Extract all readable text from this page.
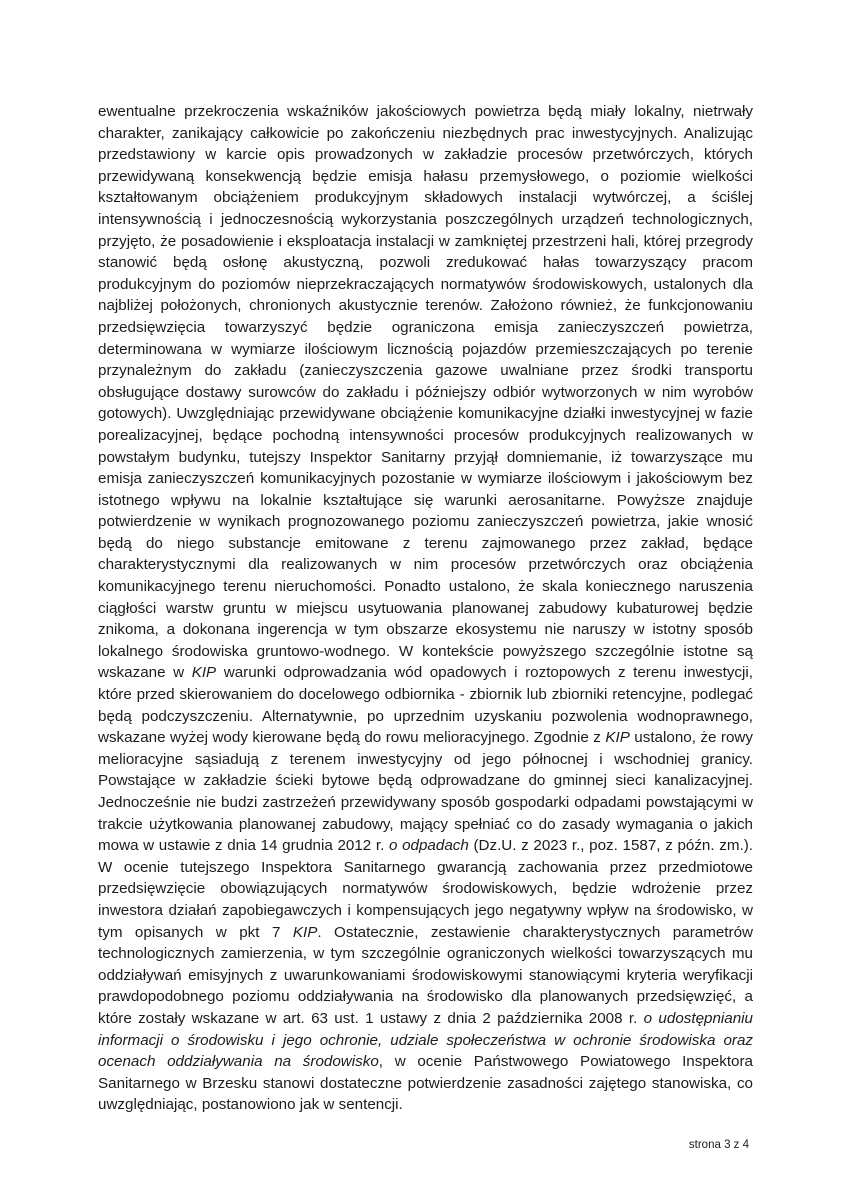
ewentualne przekroczenia wskaźników jakościowych powietrza będą miały lokalny, nietrwały charakter, zanikający całkowicie po zakończeniu niezbędnych prac inwestycyjnych. Analizując przedstawiony w karcie opis prowadzonych w zakładzie procesów przetwórczych, których przewidywaną konsekwencją będzie emisja hałasu przemysłowego, o poziomie wielkości kształtowanym obciążeniem produkcyjnym składowych instalacji wytwórczej, a ściślej intensywnością i jednoczesnością wykorzystania poszczególnych urządzeń technologicznych, przyjęto, że posadowienie i eksploatacja instalacji w zamkniętej przestrzeni hali, której przegrody stanowić będą osłonę akustyczną, pozwoli zredukować hałas towarzyszący pracom produkcyjnym do poziomów nieprzekraczających normatywów środowiskowych, ustalonych dla najbliżej położonych, chronionych akustycznie terenów. Założono również, że funkcjonowaniu przedsięwzięcia towarzyszyć będzie ograniczona emisja zanieczyszczeń powietrza, determinowana w wymiarze ilościowym licznością pojazdów przemieszczających po terenie przynależnym do zakładu (zanieczyszczenia gazowe uwalniane przez środki transportu obsługujące dostawy surowców do zakładu i późniejszy odbiór wytworzonych w nim wyrobów gotowych). Uwzględniając przewidywane obciążenie komunikacyjne działki inwestycyjnej w fazie porealizacyjnej, będące pochodną intensywności procesów produkcyjnych realizowanych w powstałym budynku, tutejszy Inspektor Sanitarny przyjął domniemanie, iż towarzyszące mu emisja zanieczyszczeń komunikacyjnych pozostanie w wymiarze ilościowym i jakościowym bez istotnego wpływu na lokalnie kształtujące się warunki aerosanitarne. Powyższe znajduje potwierdzenie w wynikach prognozowanego poziomu zanieczyszczeń powietrza, jakie wnosić będą do niego substancje emitowane z terenu zajmowanego przez zakład, będące charakterystycznymi dla realizowanych w nim procesów przetwórczych oraz obciążenia komunikacyjnego terenu nieruchomości. Ponadto ustalono, że skala koniecznego naruszenia ciągłości warstw gruntu w miejscu usytuowania planowanej zabudowy kubaturowej będzie znikoma, a dokonana ingerencja w tym obszarze ekosystemu nie naruszy w istotny sposób lokalnego środowiska gruntowo-wodnego. W kontekście powyższego szczególnie istotne są wskazane w KIP warunki odprowadzania wód opadowych i roztopowych z terenu inwestycji, które przed skierowaniem do docelowego odbiornika - zbiornik lub zbiorniki retencyjne, podlegać będą podczyszczeniu. Alternatywnie, po uprzednim uzyskaniu pozwolenia wodnoprawnego, wskazane wyżej wody kierowane będą do rowu melioracyjnego. Zgodnie z KIP ustalono, że rowy melioracyjne sąsiadują z terenem inwestycyjny od jego północnej i wschodniej granicy. Powstające w zakładzie ścieki bytowe będą odprowadzane do gminnej sieci kanalizacyjnej. Jednocześnie nie budzi zastrzeżeń przewidywany sposób gospodarki odpadami powstającymi w trakcie użytkowania planowanej zabudowy, mający spełniać co do zasady wymagania o jakich mowa w ustawie z dnia 14 grudnia 2012 r. o odpadach (Dz.U. z 2023 r., poz. 1587, z późn. zm.). W ocenie tutejszego Inspektora Sanitarnego gwarancją zachowania przez przedmiotowe przedsięwzięcie obowiązujących normatywów środowiskowych, będzie wdrożenie przez inwestora działań zapobiegawczych i kompensujących jego negatywny wpływ na środowisko, w tym opisanych w pkt 7 KIP. Ostatecznie, zestawienie charakterystycznych parametrów technologicznych zamierzenia, w tym szczególnie ograniczonych wielkości towarzyszących mu oddziaływań emisyjnych z uwarunkowaniami środowiskowymi stanowiącymi kryteria weryfikacji prawdopodobnego poziomu oddziaływania na środowisko dla planowanych przedsięwzięć, a które zostały wskazane w art. 63 ust. 1 ustawy z dnia 2 października 2008 r. o udostępnianiu informacji o środowisku i jego ochronie, udziale społeczeństwa w ochronie środowiska oraz ocenach oddziaływania na środowisko, w ocenie Państwowego Powiatowego Inspektora Sanitarnego w Brzesku stanowi dostateczne potwierdzenie zasadności zajętego stanowiska, co uwzględniając, postanowiono jak w sentencji.
strona 3 z 4
